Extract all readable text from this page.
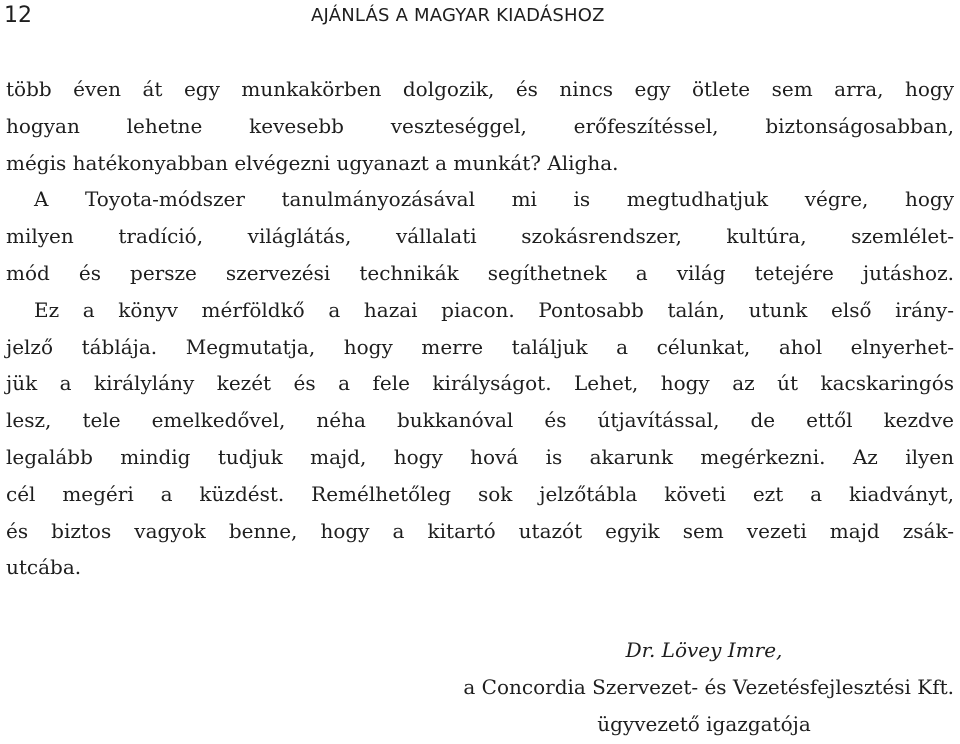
12	AJÁNLÁS A MAGYAR KIADÁSHOZ
több éven át egy munkakörben dolgozik, és nincs egy ötlete sem arra, hogy
hogyan lehetne kevesebb veszteséggel, erőfeszítéssel, biztonságosabban,
mégis hatékonyabban elvégezni ugyanazt a munkát? Aligha.
A Toyota-módszer tanulmányozásával mi is megtudhatjuk végre, hogy
milyen tradíció, világlátás, vállalati szokásrendszer, kultúra, szemlélet-
mód és persze szervezési technikák segíthetnek a világ tetejére jutáshoz.
Ez a könyv mérföldkő a hazai piacon. Pontosabb talán, utunk első irány-
jelző táblája. Megmutatja, hogy merre találjuk a célunkat, ahol elnyerhet-
jük a királylány kezét és a fele királyságot. Lehet, hogy az út kacskaringós
lesz, tele emelkedővel, néha bukkanóval és útjavítással, de ettől kezdve
legalább mindig tudjuk majd, hogy hová is akarunk megérkezni. Az ilyen
cél megéri a küzdést. Remélhetőleg sok jelzőtábla követi ezt a kiadványt,
és biztos vagyok benne, hogy a kitartó utazót egyik sem vezeti majd zsák-
utcába.
Dr. Lövey Imre,
a Concordia Szervezet- és Vezetésfejlesztési Kft.
ügyvezető igazgatója
